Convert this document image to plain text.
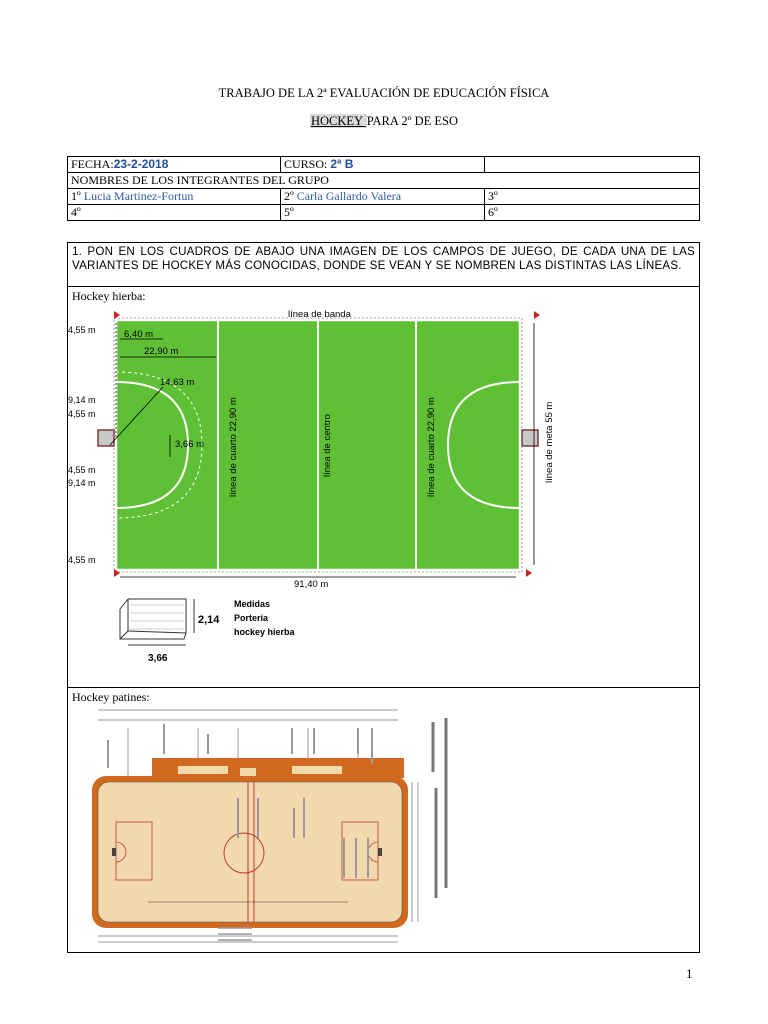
TRABAJO DE LA 2ª EVALUACIÓN DE EDUCACIÓN FÍSICA
HOCKEY PARA 2º DE ESO
FECHA:23-2-2018	CURSO: 2ª B	
NOMBRES DE LOS INTEGRANTES DEL GRUPO		
1º Lucia Martinez-Fortun	2º Carla Gallardo Valera	3º
4º	5º	6º
1. PON EN LOS CUADROS DE ABAJO UNA IMAGEN DE LOS CAMPOS DE JUEGO, DE CADA UNA DE LAS VARIANTES DE HOCKEY MÁS CONOCIDAS, DONDE SE VEAN Y SE NOMBREN LAS DISTINTAS LAS LÍNEAS.
Hockey hierba:
línea de banda
6,40 m
22,90 m
14,63 m
3,66 m
91,40 m
4,55 m
9,14 m
4,55 m
4,55 m
9,14 m
4,55 m
línea de cuarto 22,90 m	línea de centro	línea de cuarto 22,90 m	línea de meta 55 m
2,14
3,66
Medidas
Portería
hockey hierba
Hockey patines:
1
